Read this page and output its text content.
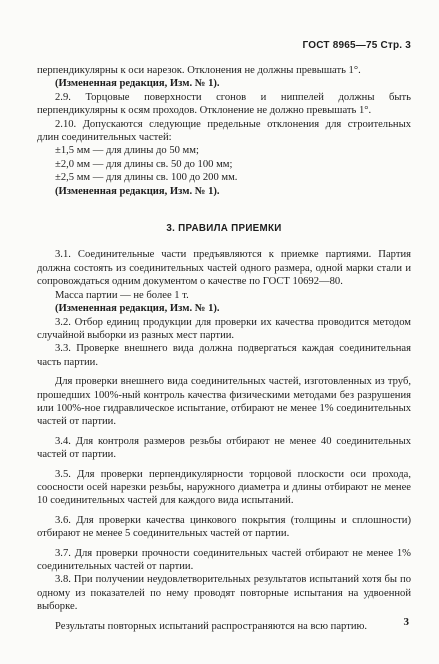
ГОСТ 8965—75 Стр. 3

перпендикулярны к оси нарезок. Отклонения не должны превышать 1°.

(Измененная редакция, Изм. № 1).

2.9. Торцовые поверхности сгонов и ниппелей должны быть перпендикулярны к осям проходов. Отклонение не должно превышать 1°.

2.10. Допускаются следующие предельные отклонения для строительных длин соединительных частей:

±1,5 мм — для длины до 50 мм;

±2,0 мм — для длины св. 50 до 100 мм;

±2,5 мм — для длины св. 100 до 200 мм.

(Измененная редакция, Изм. № 1).

3. ПРАВИЛА ПРИЕМКИ

3.1. Соединительные части предъявляются к приемке партиями. Партия должна состоять из соединительных частей одного размера, одной марки стали и сопровождаться одним документом о качестве по ГОСТ 10692—80.

Масса партии — не более 1 т.

(Измененная редакция, Изм. № 1).

3.2. Отбор единиц продукции для проверки их качества проводится методом случайной выборки из разных мест партии.

3.3. Проверке внешнего вида должна подвергаться каждая соединительная часть партии.

Для проверки внешнего вида соединительных частей, изготовленных из труб, прошедших 100%-ный контроль качества физическими методами без разрушения или 100%-ное гидравлическое испытание, отбирают не менее 1% соединительных частей от партии.

3.4. Для контроля размеров резьбы отбирают не менее 40 соединительных частей от партии.

3.5. Для проверки перпендикулярности торцовой плоскости оси прохода, соосности осей нарезки резьбы, наружного диаметра и длины отбирают не менее 10 соединительных частей для каждого вида испытаний.

3.6. Для проверки качества цинкового покрытия (толщины и сплошности) отбирают не менее 5 соединительных частей от партии.

3.7. Для проверки прочности соединительных частей отбирают не менее 1% соединительных частей от партии.

3.8. При получении неудовлетворительных результатов испытаний хотя бы по одному из показателей по нему проводят повторные испытания на удвоенной выборке.

Результаты повторных испытаний распространяются на всю партию.	3
